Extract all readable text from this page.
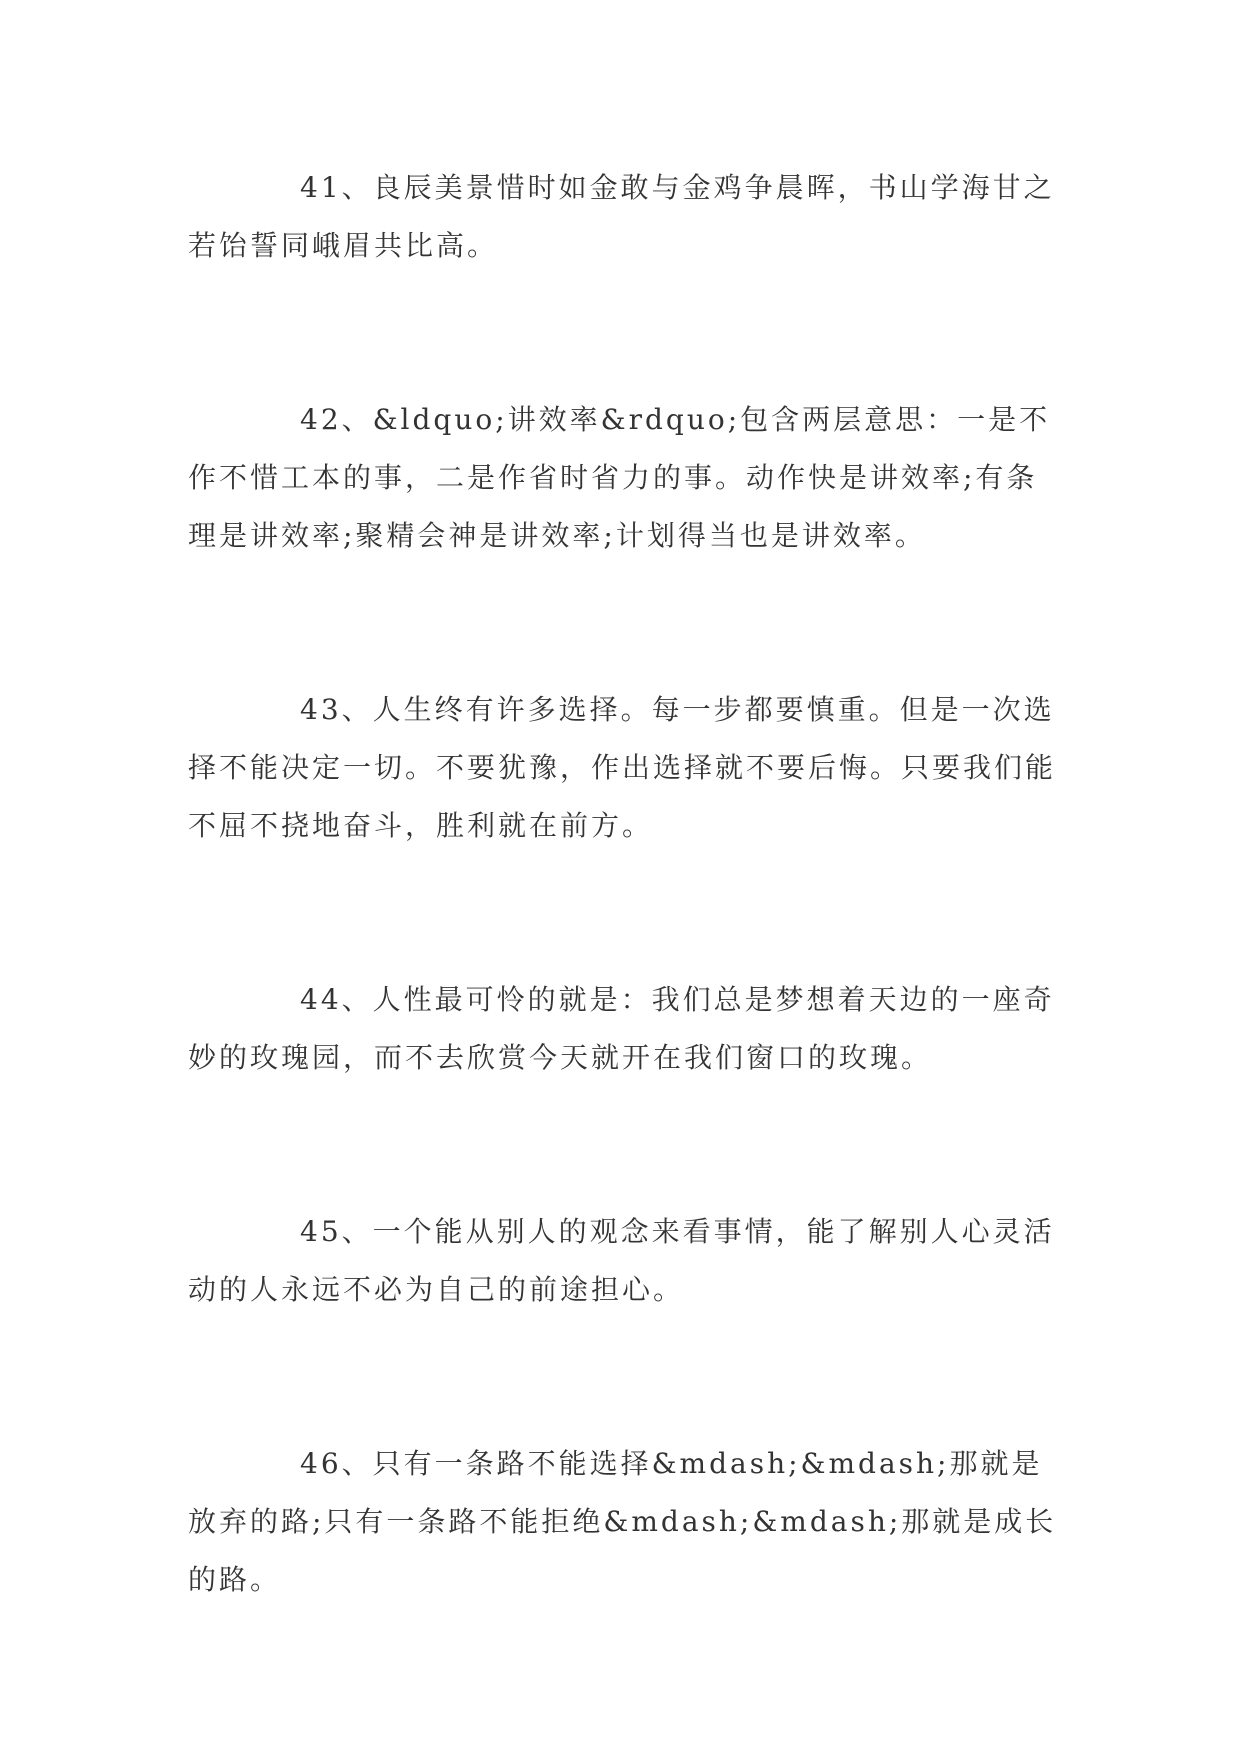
41、良辰美景惜时如金敢与金鸡争晨晖，书山学海甘之若饴誓同峨眉共比高。

42、&ldquo;讲效率&rdquo;包含两层意思：一是不作不惜工本的事，二是作省时省力的事。动作快是讲效率;有条理是讲效率;聚精会神是讲效率;计划得当也是讲效率。

43、人生终有许多选择。每一步都要慎重。但是一次选择不能决定一切。不要犹豫，作出选择就不要后悔。只要我们能不屈不挠地奋斗，胜利就在前方。

44、人性最可怜的就是：我们总是梦想着天边的一座奇妙的玫瑰园，而不去欣赏今天就开在我们窗口的玫瑰。

45、一个能从别人的观念来看事情，能了解别人心灵活动的人永远不必为自己的前途担心。

46、只有一条路不能选择&mdash;&mdash;那就是放弃的路;只有一条路不能拒绝&mdash;&mdash;那就是成长的路。
